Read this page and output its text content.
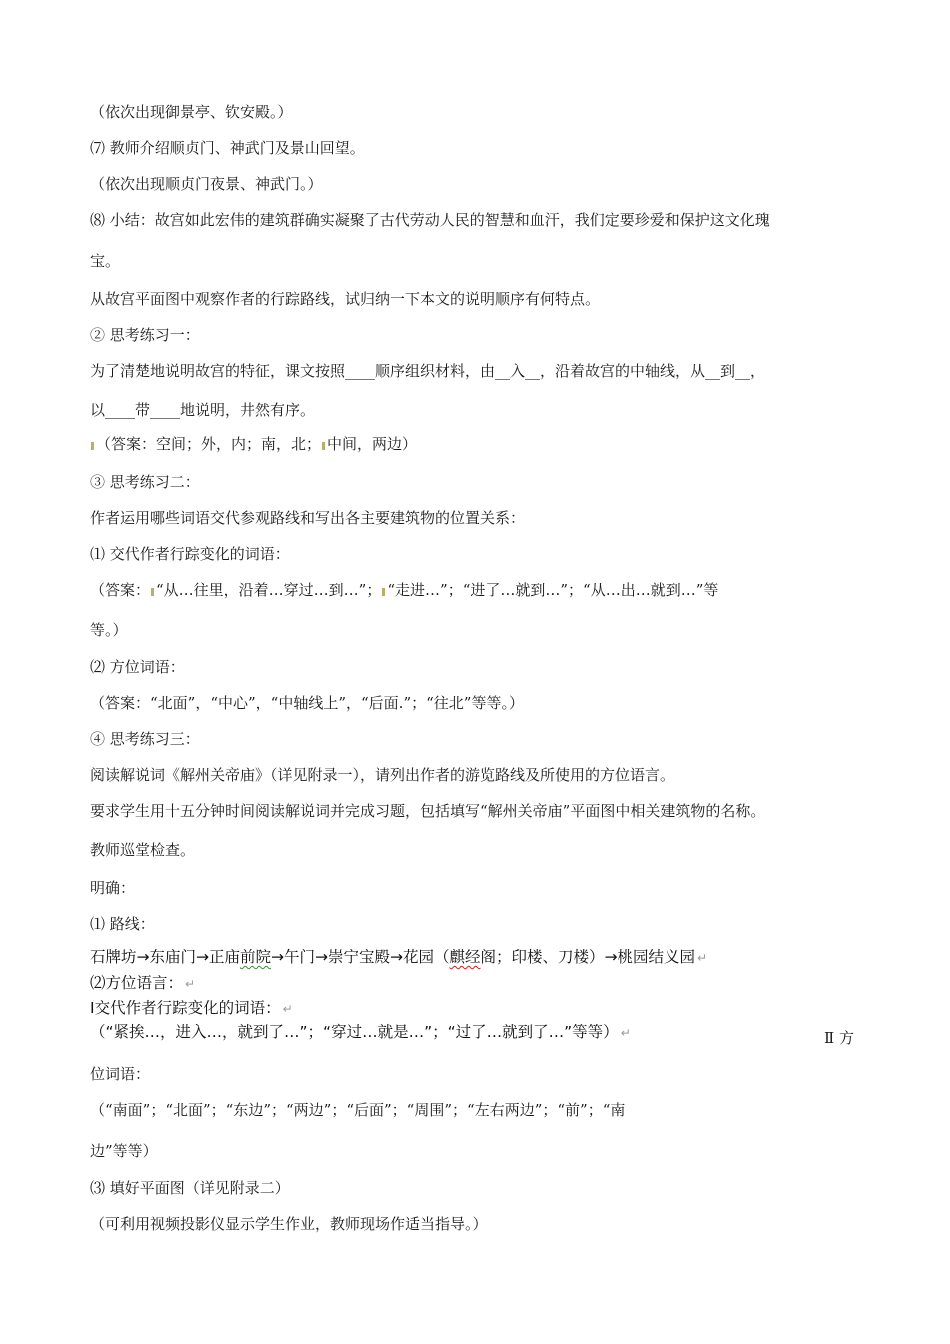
（依次出现御景亭、钦安殿。）
⑺ 教师介绍顺贞门、神武门及景山回望。
（依次出现顺贞门夜景、神武门。）
⑻ 小结：故宫如此宏伟的建筑群确实凝聚了古代劳动人民的智慧和血汗，我们定要珍爱和保护这文化瑰
宝。
从故宫平面图中观察作者的行踪路线，试归纳一下本文的说明顺序有何特点。
② 思考练习一：
为了清楚地说明故宫的特征，课文按照____顺序组织材料，由__入__，沿着故宫的中轴线，从__到__，
以____带____地说明，井然有序。
（答案：空间；外，内；南，北； 中间，两边）
③ 思考练习二：
作者运用哪些词语交代参观路线和写出各主要建筑物的位置关系：
⑴ 交代作者行踪变化的词语：
（答案： “从…往里，沿着…穿过…到…”； “走进…”；“进了…就到…”；“从…出…就到…”等
等。）
⑵ 方位词语：
（答案：“北面”，“中心”，“中轴线上”，“后面.”；“往北”等等。）
④ 思考练习三：
阅读解说词《解州关帝庙》（详见附录一），请列出作者的游览路线及所使用的方位语言。
要求学生用十五分钟时间阅读解说词并完成习题，包括填写“解州关帝庙”平面图中相关建筑物的名称。
教师巡堂检查。
明确：
⑴ 路线：
石牌坊→东庙门→正庙前院→午门→崇宁宝殿→花园（麒经阁；印楼、刀楼）→桃园结义园 ↵
⑵方位语言： ↵
Ⅰ交代作者行踪变化的词语： ↵
（“紧挨…，进入…，就到了…”；“穿过…就是…”；“过了…就到了…”等等） ↵	Ⅱ 方
位词语：
（“南面”；“北面”；“东边”；“两边”；“后面”；“周围”；“左右两边”；“前”；“南
边”等等）
⑶ 填好平面图（详见附录二）
（可利用视频投影仪显示学生作业，教师现场作适当指导。）
